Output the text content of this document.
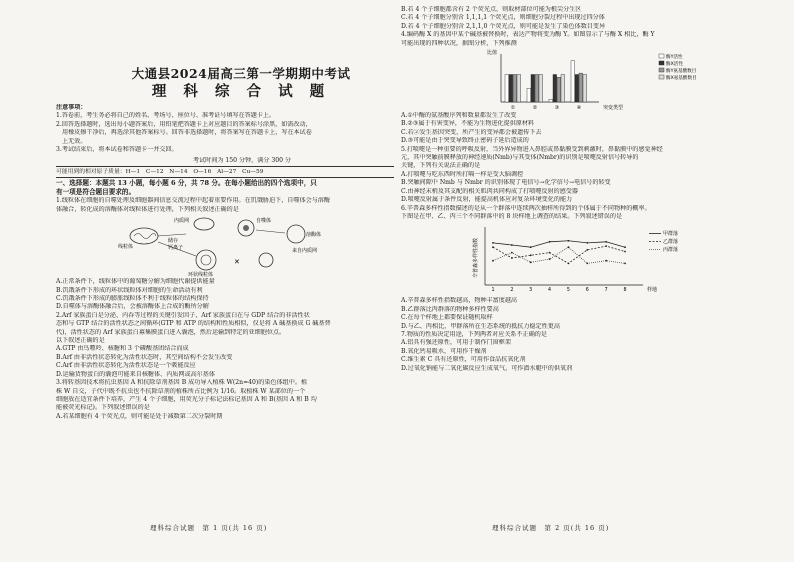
大通县2024届高三第一学期期中考试
理 科 综 合 试 题

注意事项：

1.答卷前，考生务必将自己的姓名、考场号、座位号、准考证号填写在答题卡上。

2.回答选择题时，选出每小题答案后，用铅笔把答题卡上对应题目的答案标号涂黑，如需改动，

用橡皮擦干净后，再选涂其他答案标号。回答非选择题时，将答案写在答题卡上，写在本试卷

上无效。

3.考试结束后，将本试卷和答题卡一并交回。

考试时间为 150 分钟，满分 300 分

可能用到的相对原子质量：H—1　C—12　N—14　O—16　Al—27　Cu—59

一、选择题：本题共 13 小题，每小题 6 分，共 78 分。在每小题给出的四个选项中，只

有一项是符合题目要求的。

1.线粒体在细胞的自噬处理及细胞器间信息交流过程中起着重要作用。在饥饿胁迫下，自噬体会与溶酶

体融合，转化成的溶酶体对线粒体进行处理，下列相关叙述正确的是

✕
自噬体
内质网
溶酶体
线粒体
来自内质网
环状线粒体
储存
钙离子

A.正常条件下，线粒体中的葡萄糖分解为细胞代谢提供能量

B.饥饿条件下形成的环状线粒体对细胞的生命活动有利

C.饥饿条件下形成的膨胀线粒体不利于线粒体的结构保持

D.自噬体与溶酶体融合后，会被溶酶体上合成的酶所分解

2.Arf 家族蛋白是分泌、内吞等过程的关键引发因子，Arf 家族蛋白在与 GDP 结合的非活性状

态和与 GTP 结合的活性状态之间循环(GTP 和 ATP 的结构和性质相似，仅是将 A 碱基换成 G 碱基替

代)，活性状态的 Arf 家族蛋白募集膜蛋白进入囊泡，然后运输到特定的亚细胞位点。

以下叙述正确的是

A.GTP 由鸟嘌呤、核糖和 3 个磷酸基团结合而成

B.Arf 由非活性状态转化为活性状态时，其空间结构不会发生改变

C.Arf 由非活性状态转化为活性状态是一个吸能反应

D.运输货物蛋白的囊泡可能来自核糖体、内质网或高尔基体

3.将转基因技术将抗虫基因 A 和抗除草剂基因 B 成功导入植株 W(2n=40)的染色体组中。植

株 W 自交，子代中既不抗虫也不抗除草剂的植株所占比例为 1/16。取植株 W 某部位的一个

细胞放在适宜条件下培养，产生 4 个子细胞，用荧光分子标记法标记基因 A 和 B(基因 A 和 B 均

能被荧光标记)。下列叙述错误的是

A.若某细胞有 4 个荧光点，则可能是处于减数第二次分裂时期

理科综合试题　第 1 页(共 16 页)

B.若 4 个子细胞都含有 2 个荧光点，则取材部位可能为根尖分生区

C.若 4 个子细胞分别含 1,1,1,1 个荧光点，则细胞分裂过程中出现过四分体

D.若 4 个子细胞分别含 2,1,1,0 个荧光点，则可能是发生了染色体数目变异

4.编码酶 X 的基因中某个碱基被替换时，表达产物将变为酶 Y。如图显示了与酶 X 相比，酶 Y

可能出现的四种状况，据图分析，下列推测

比值
突变类型
①	②	③	④
酶Y活性
酶X活性
酶Y氨基酸数目
酶X氨基酸数目

A.①中酶的氨基酸序列和数量都发生了改变

B.②③属于有害变异，不能为生物进化提供原材料

C.若②发生基因突变，所产生的变异都会被遗传下去

D.③可能是由于突变导致终止密码子延后造成的

5.打喷嚏是一种重要的呼吸反射，当外界异物进入鼻腔或鼻黏膜受到刺激时，鼻黏膜中的感觉神经

元，其中突触前膜释放的神经递质(Nmb)与其受体(Nmbr)的识别是喷嚏反射信号转导的

关键，下列有关说法正确的是

A.打喷嚏与吃东西时所打嗝一样是受大脑调控

B.突触间隙中 Nmb 与 Nmbr 的识别体现了电信号→化学信号→电信号的转变

C.由神经末梢及其支配的相关肌肉共同构成了打喷嚏反射的感受器

D.喷嚏反射属于条件反射，能提高机体应对复杂环境变化的能力

6.辛普森多样性指数描述的是从一个群落中连续两次抽样所得到的个体属于不同物种的概率。

下图是在甲、乙、丙三个不同群落中的 8 块样地上调查的结果。下列叙述错误的是

辛普森多样性指数
样地
1	2	3	4	5	6	7	8
甲群落
乙群落
丙群落

A.辛普森多样性指数越高，物种丰富度越高

B.乙群落比丙群落的物种多样性要高

C.在每个样地上都要保证随机取样

D.与乙、丙相比，甲群落所在生态系统的抵抗力稳定性更高

7.物质的性质决定用途，下列两者对应关系不正确的是

A.铝具有强还原性，可用于制作门窗框架

B.氧化钙易吸水，可用作干燥剂

C.维生素 C 具有还原性，可用作食品抗氧化剂

D.过氧化钠能与二氧化碳反应生成氧气，可作潜水艇中的供氧剂

理科综合试题　第 2 页(共 16 页)
